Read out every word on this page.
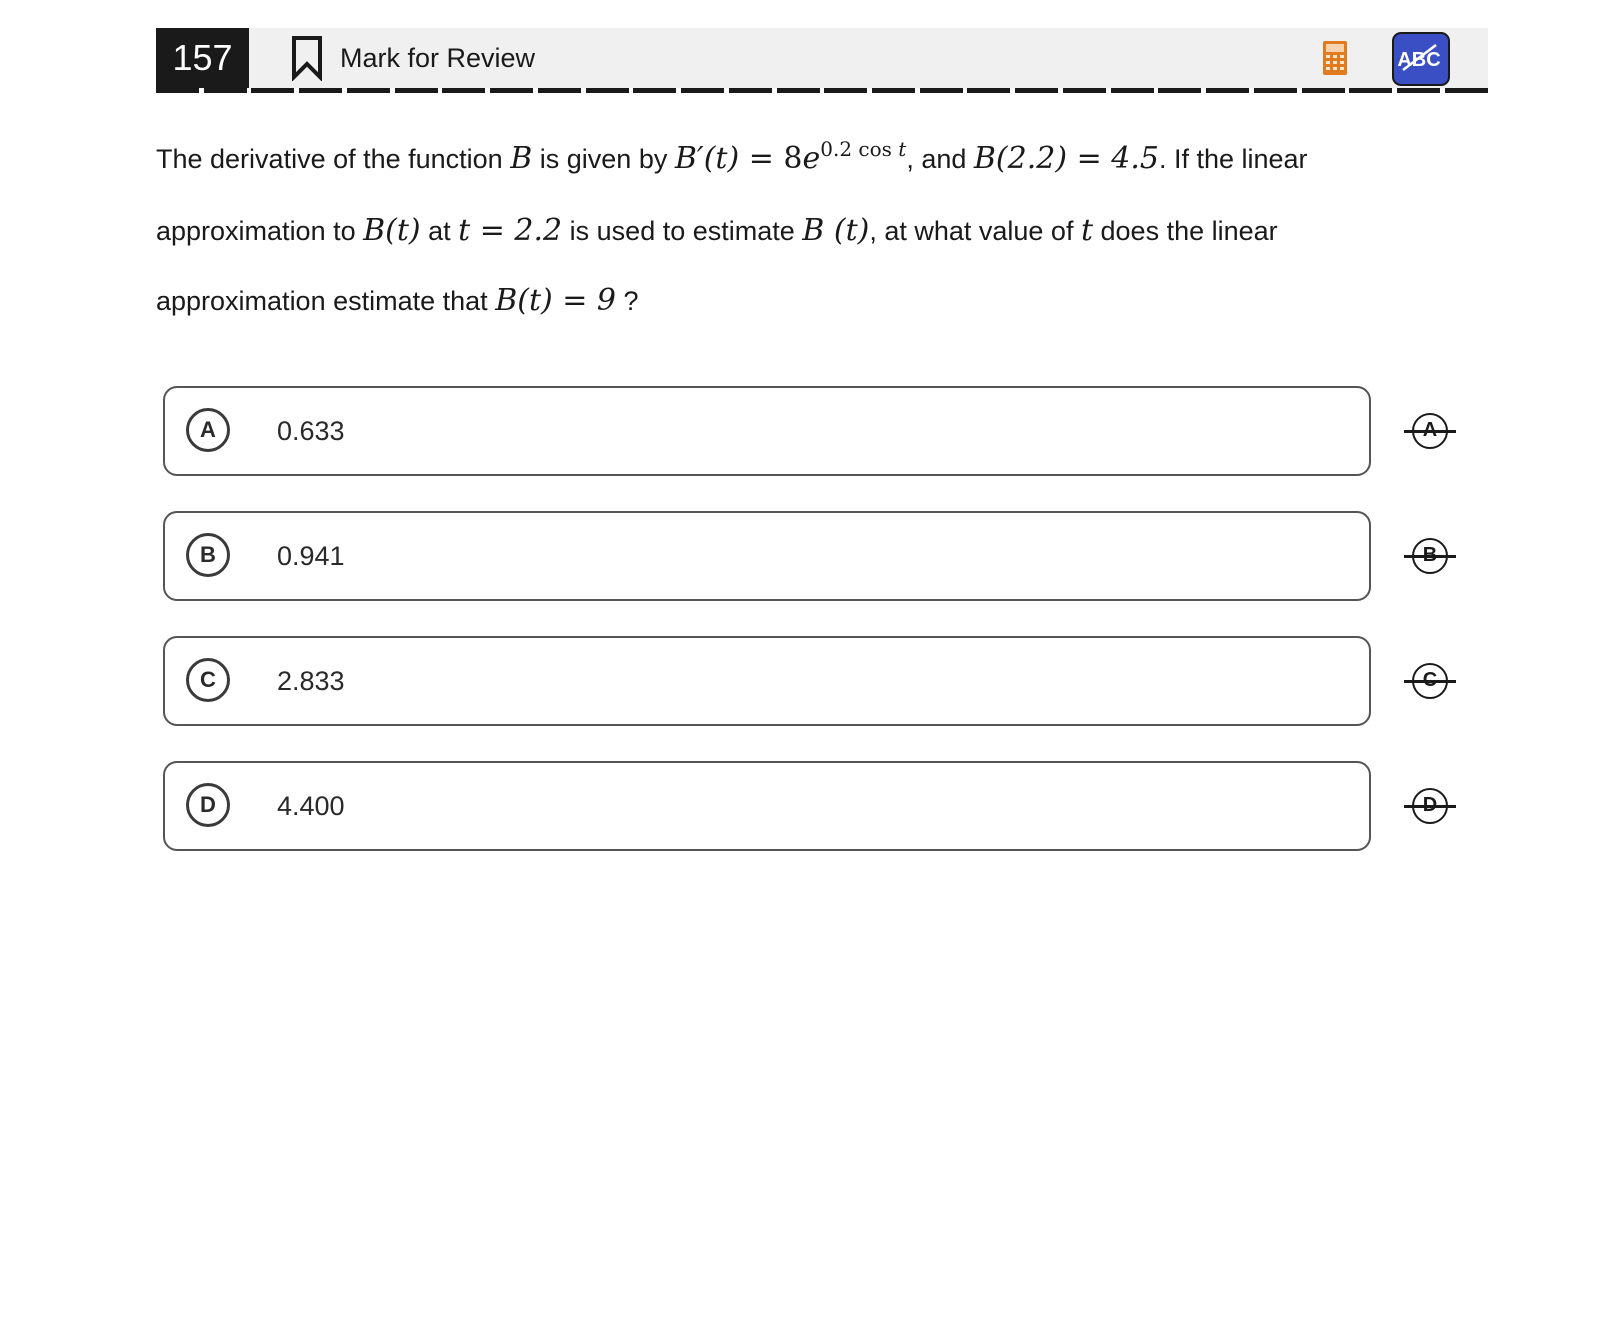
157	Mark for Review	ABC
The derivative of the function B is given by $B'(t) = 8e^{0.2 cos t}$, and B(2.2) = 4.5. If the linear approximation to B(t) at t = 2.2 is used to estimate B (t), at what value of t does the linear approximation estimate that B(t) = 9 ?
A	0.633
B	0.941
C	2.833
D	4.400
